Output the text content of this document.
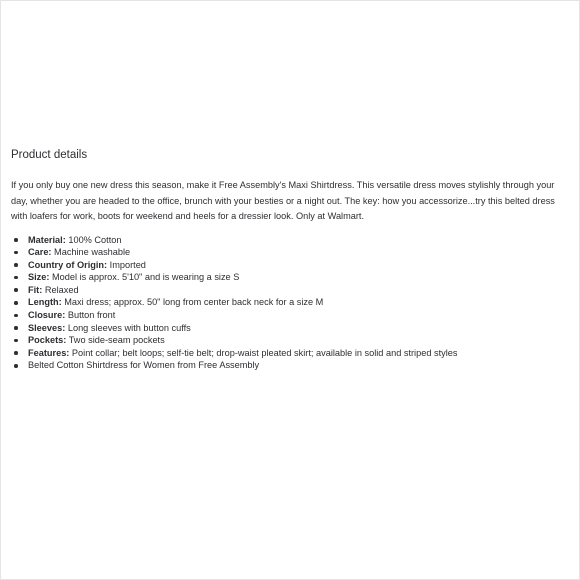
Product details

If you only buy one new dress this season, make it Free Assembly's Maxi Shirtdress. This versatile dress moves stylishly through your day, whether you are headed to the office, brunch with your besties or a night out. The key: how you accessorize...try this belted dress with loafers for work, boots for weekend and heels for a dressier look. Only at Walmart.

Material: 100% Cotton
Care: Machine washable
Country of Origin: Imported
Size: Model is approx. 5'10" and is wearing a size S
Fit: Relaxed
Length: Maxi dress; approx. 50" long from center back neck for a size M
Closure: Button front
Sleeves: Long sleeves with button cuffs
Pockets: Two side-seam pockets
Features: Point collar; belt loops; self-tie belt; drop-waist pleated skirt; available in solid and striped styles
Belted Cotton Shirtdress for Women from Free Assembly
